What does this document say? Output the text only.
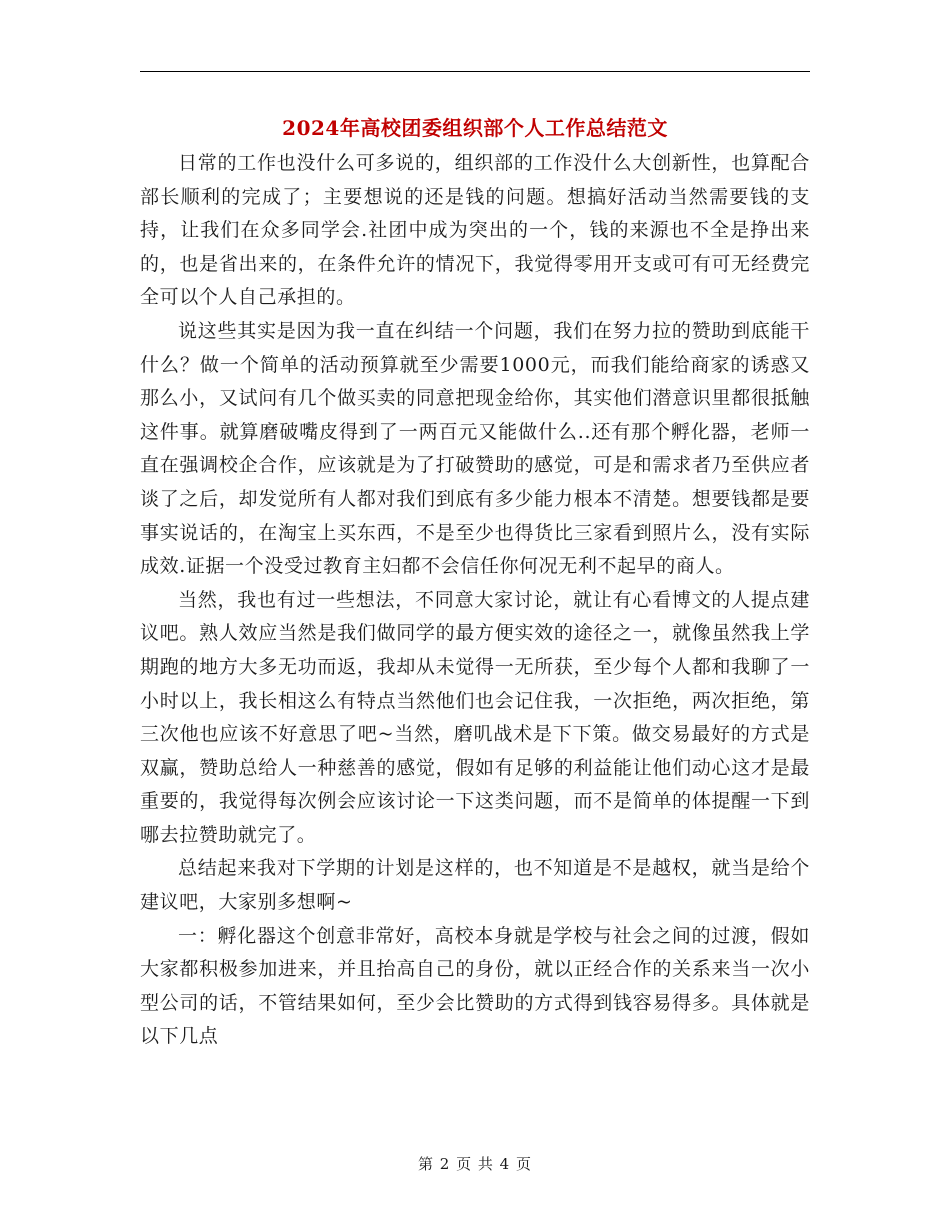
2024年高校团委组织部个人工作总结范文

日常的工作也没什么可多说的，组织部的工作没什么大创新性，也算配合部长顺利的完成了；主要想说的还是钱的问题。想搞好活动当然需要钱的支持，让我们在众多同学会.社团中成为突出的一个，钱的来源也不全是挣出来的，也是省出来的，在条件允许的情况下，我觉得零用开支或可有可无经费完全可以个人自己承担的。

说这些其实是因为我一直在纠结一个问题，我们在努力拉的赞助到底能干什么？做一个简单的活动预算就至少需要1000元，而我们能给商家的诱惑又那么小，又试问有几个做买卖的同意把现金给你，其实他们潜意识里都很抵触这件事。就算磨破嘴皮得到了一两百元又能做什么..还有那个孵化器，老师一直在强调校企合作，应该就是为了打破赞助的感觉，可是和需求者乃至供应者谈了之后，却发觉所有人都对我们到底有多少能力根本不清楚。想要钱都是要事实说话的，在淘宝上买东西，不是至少也得货比三家看到照片么，没有实际成效.证据一个没受过教育主妇都不会信任你何况无利不起早的商人。

当然，我也有过一些想法，不同意大家讨论，就让有心看博文的人提点建议吧。熟人效应当然是我们做同学的最方便实效的途径之一，就像虽然我上学期跑的地方大多无功而返，我却从未觉得一无所获，至少每个人都和我聊了一小时以上，我长相这么有特点当然他们也会记住我，一次拒绝，两次拒绝，第三次他也应该不好意思了吧~当然，磨叽战术是下下策。做交易最好的方式是双赢，赞助总给人一种慈善的感觉，假如有足够的利益能让他们动心这才是最重要的，我觉得每次例会应该讨论一下这类问题，而不是简单的体提醒一下到哪去拉赞助就完了。

总结起来我对下学期的计划是这样的，也不知道是不是越权，就当是给个建议吧，大家别多想啊~

一：孵化器这个创意非常好，高校本身就是学校与社会之间的过渡，假如大家都积极参加进来，并且抬高自己的身份，就以正经合作的关系来当一次小型公司的话，不管结果如何，至少会比赞助的方式得到钱容易得多。具体就是以下几点

第 2 页 共 4 页
